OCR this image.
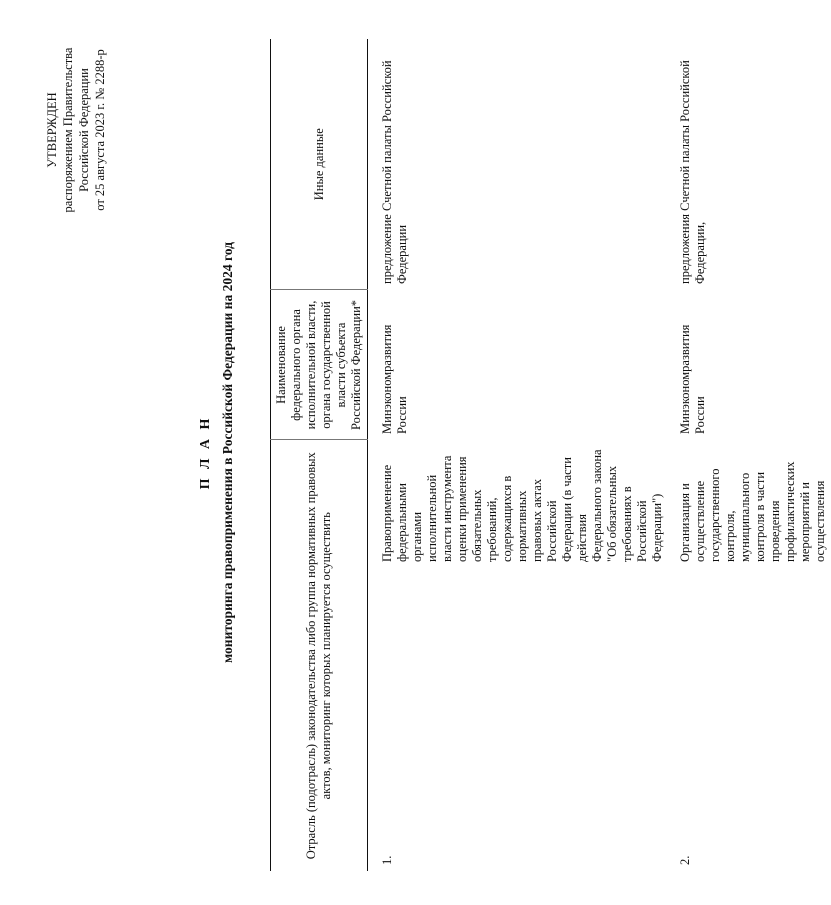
УТВЕРЖДЕН распоряжением Правительства Российской Федерации от 25 августа 2023 г. № 2288-р
П Л А Н мониторинга правоприменения в Российской Федерации на 2024 год	Отрасль (подотрасль) законодательства либо группа нормативных правовых актов, мониторинг которых планируется осуществить		Наименование федерального органа исполнительной власти, органа государственной власти субъекта Российской Федерации*	Иные данные

1.	Правоприменение федеральными органами исполнительной власти инструмента оценки применения обязательных требований, содержащихся в нормативных правовых актах Российской Федерации (в части действия Федерального закона "Об обязательных требованиях в Российской Федерации")	Минэкономразвития России	предложение Счетной палаты Российской Федерации
2.	Организация и осуществление государственного контроля, муниципального контроля в части проведения профилактических мероприятий и осуществления	Минэкономразвития России	предложения Счетной палаты Российской Федерации,
